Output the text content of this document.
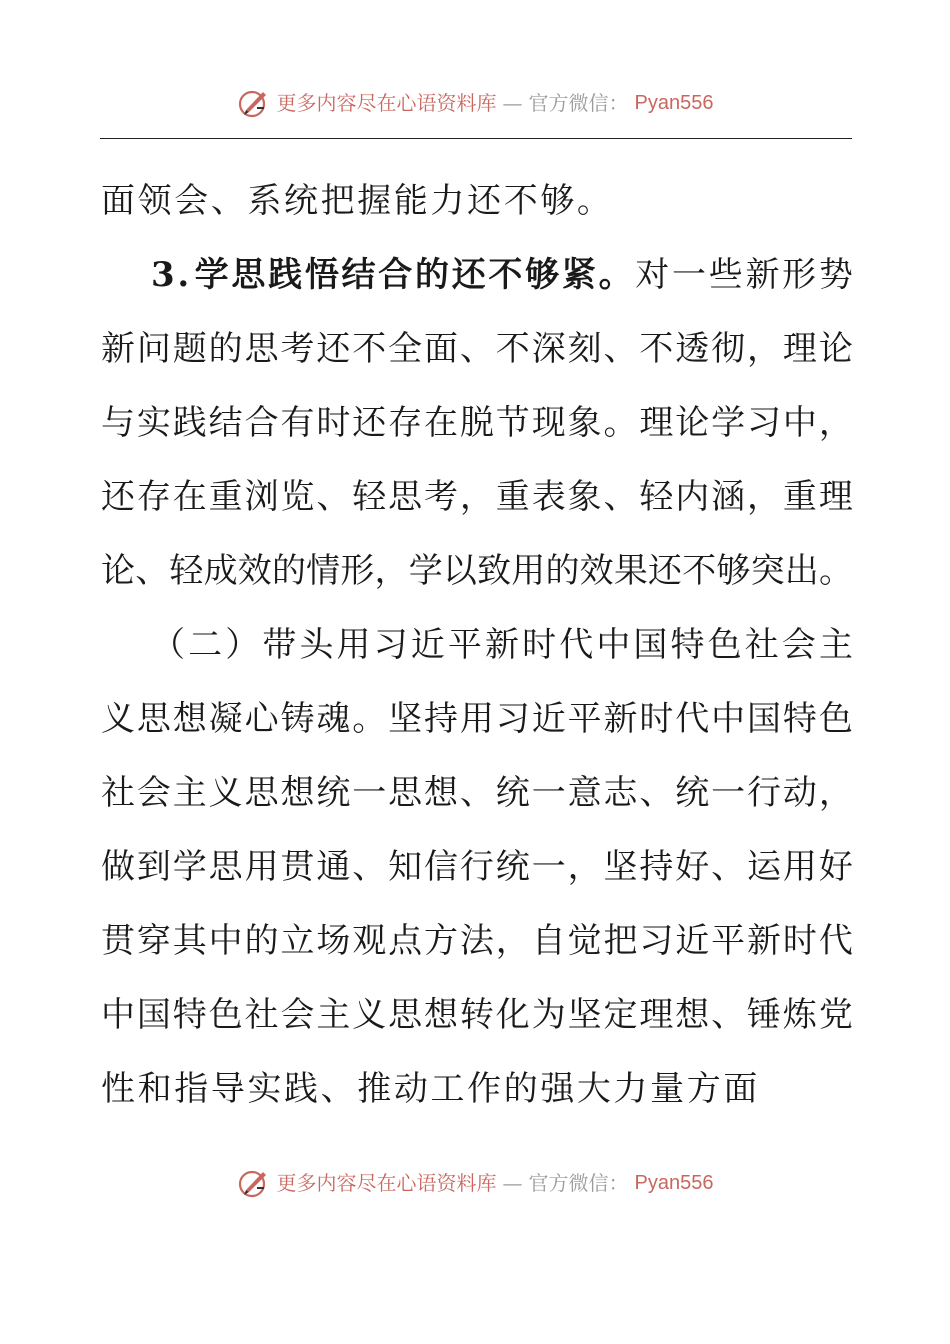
更多内容尽在心语资料库 — 官方微信： Pyan556
面 领 会 、 系 统 把 握 能 力 还 不 够 。
3 . 学 思 践 悟 结 合 的 还 不 够 紧 。 对 一 些 新 形 势
新 问 题 的 思 考 还 不 全 面 、 不 深 刻 、 不 透 彻 ， 理 论
与 实 践 结 合 有 时 还 存 在 脱 节 现 象 。 理 论 学 习 中 ，
还 存 在 重 浏 览 、 轻 思 考 ， 重 表 象 、 轻 内 涵 ， 重 理
论 、 轻 成 效 的 情 形 ， 学 以 致 用 的 效 果 还 不 够 突 出 。
（ 二 ） 带 头 用 习 近 平 新 时 代 中 国 特 色 社 会 主
义 思 想 凝 心 铸 魂 。 坚 持 用 习 近 平 新 时 代 中 国 特 色
社 会 主 义 思 想 统 一 思 想 、 统 一 意 志 、 统 一 行 动 ，
做 到 学 思 用 贯 通 、 知 信 行 统 一 ， 坚 持 好 、 运 用 好
贯 穿 其 中 的 立 场 观 点 方 法 ， 自 觉 把 习 近 平 新 时 代
中 国 特 色 社 会 主 义 思 想 转 化 为 坚 定 理 想 、 锤 炼 党
性 和 指 导 实 践 、 推 动 工 作 的 强 大 力 量 方 面
更多内容尽在心语资料库 — 官方微信： Pyan556
